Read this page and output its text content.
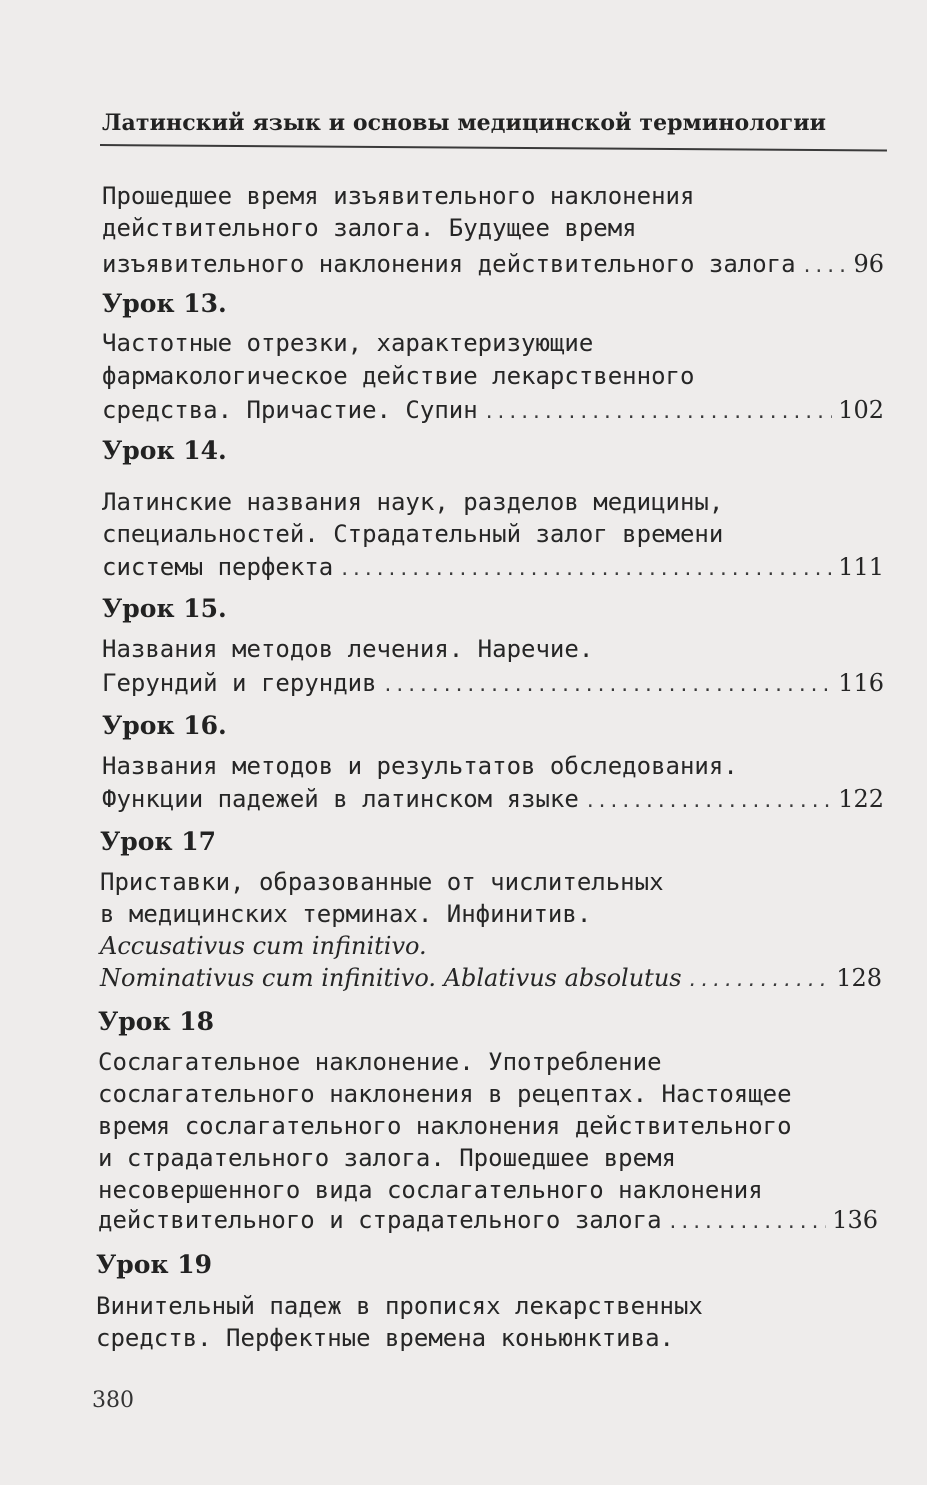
Латинский язык и основы медицинской терминологии
Прошедшее время изъявительного наклонения
действительного залога. Будущее время
изъявительного наклонения действительного залога ..... 96
Урок 13.
Частотные отрезки, характеризующие
фармакологическое действие лекарственного
средства. Причастие. Супин .....	102
Урок 14.
Латинские названия наук, разделов медицины,
специальностей. Страдательный залог времени
системы перфекта .....	111
Урок 15.
Названия методов лечения. Наречие.
Герундий и герундив .....	116
Урок 16.
Названия методов и результатов обследования.
Функции падежей в латинском языке .....	122
Урок 17
Приставки, образованные от числительных
в медицинских терминах. Инфинитив.
Accusativus cum infinitivo.
Nominativus cum infinitivo. Ablativus absolutus .....	128
Урок 18
Сослагательное наклонение. Употребление
сослагательного наклонения в рецептах. Настоящее
время сослагательного наклонения действительного
и страдательного залога. Прошедшее время
несовершенного вида сослагательного наклонения
действительного и страдательного залога .....	136
Урок 19
Винительный падеж в прописях лекарственных
средств. Перфектные времена коньюнктива.
380
